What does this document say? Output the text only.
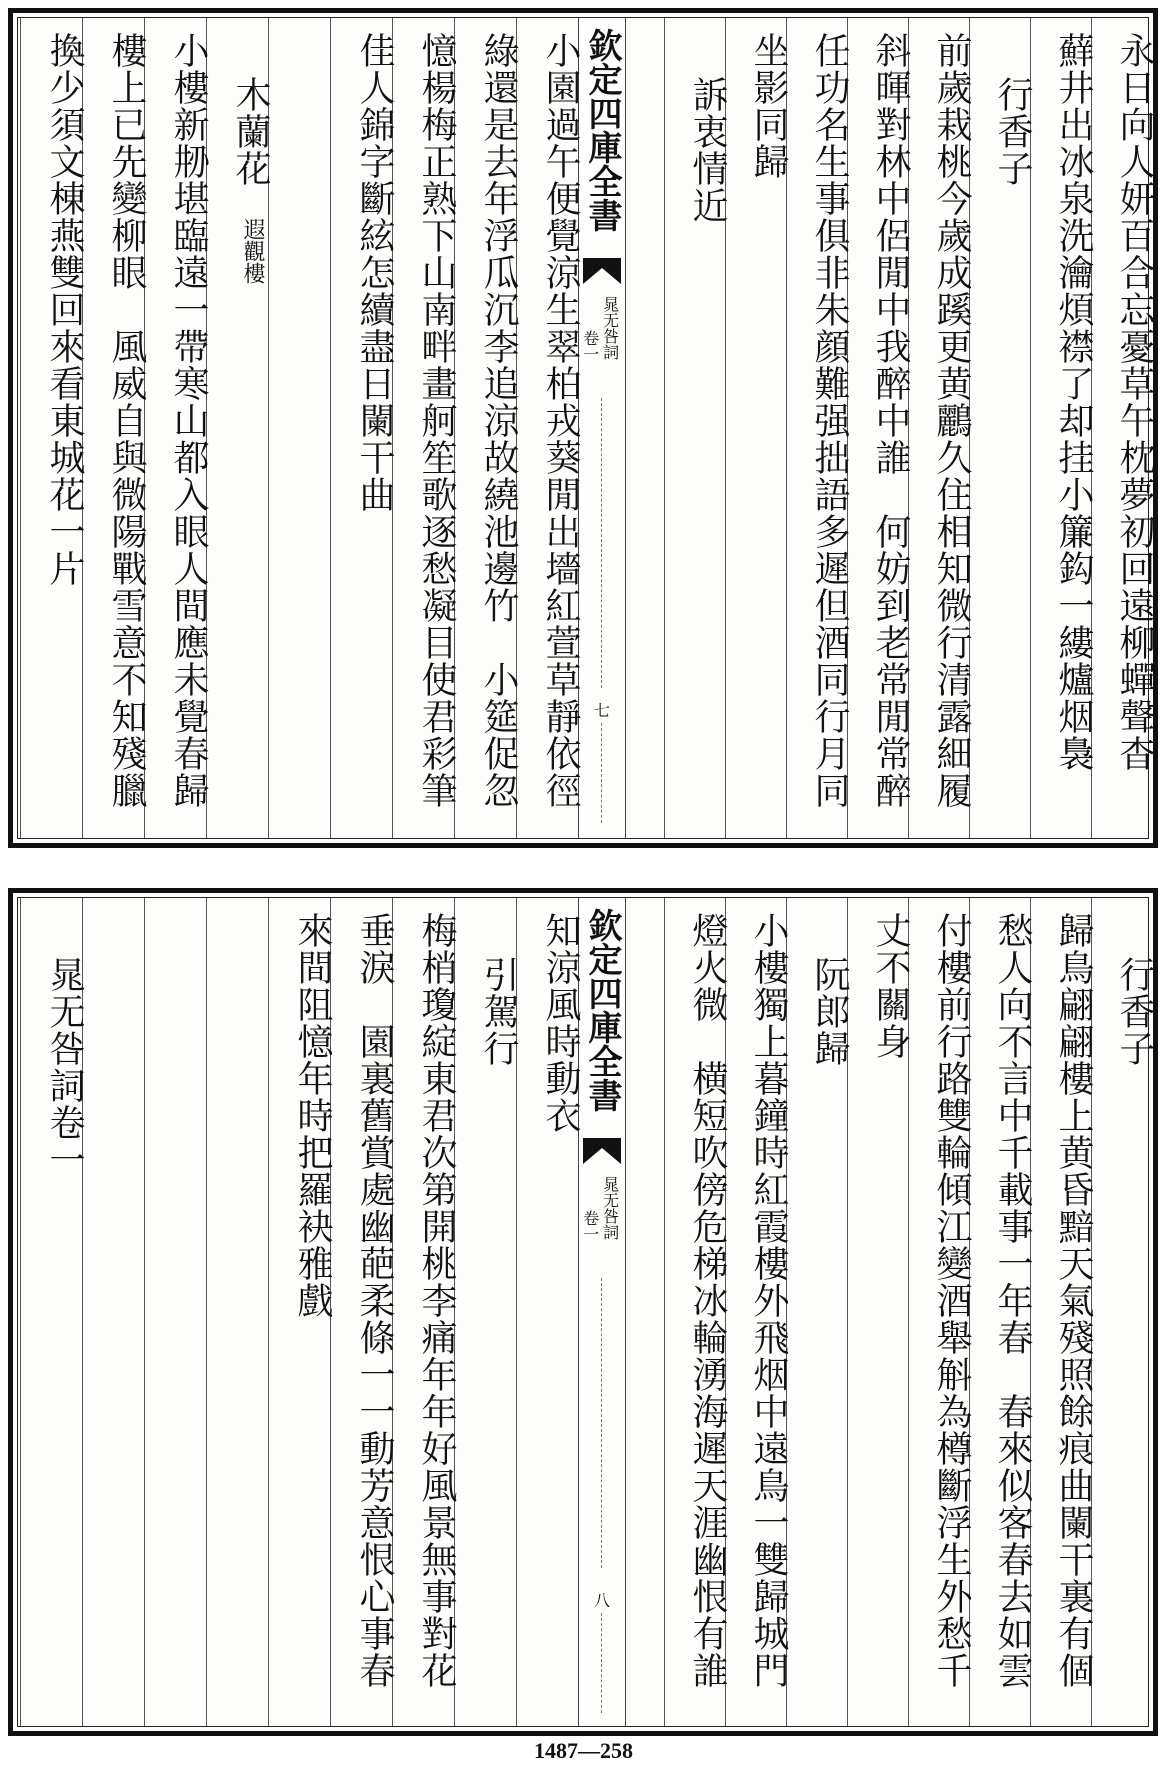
永日向人妍百合忘憂草午枕夢初回遠柳蟬聲杳
蘚井出冰泉洗瀹煩襟了却挂小簾鈎一縷爐烟裊
行香子
前歲栽桃今歲成蹊更黄鸝久住相知微行清露細履
斜暉對林中侶閒中我醉中誰　何妨到老常閒常醉
任功名生事俱非朱顔難强拙語多遲但酒同行月同
坐影同歸
訴衷情近
欽定四庫全書
晁无咎詞
卷一
七
小園過午便覺涼生翠柏戎葵閒出墻紅萱草靜依徑
綠還是去年浮瓜沉李追涼故繞池邊竹　小筵促忽
憶楊梅正熟下山南畔畫舸笙歌逐愁凝目使君彩筆
佳人錦字斷絃怎續盡日闌干曲
木蘭花
遐觀樓
小樓新刱堪臨遠一帶寒山都入眼人間應未覺春歸
樓上已先變柳眼　風威自與微陽戰雪意不知殘臘
換少須文棟燕雙回來看東城花一片
行香子
歸鳥翩翩樓上黄昏黯天氣殘照餘痕曲闌干裏有個
愁人向不言中千載事一年春　春來似客春去如雲
付樓前行路雙輪傾江變酒舉斛為樽斷浮生外愁千
丈不關身
阮郎歸
小樓獨上暮鐘時紅霞樓外飛烟中遠鳥一雙歸城門
燈火微　横短吹傍危梯冰輪湧海遲天涯幽恨有誰
欽定四庫全書
晁无咎詞
卷一
八
知涼風時動衣
引駕行
梅梢瓊綻東君次第開桃李痛年年好風景無事對花
垂淚　園裏舊賞處幽葩柔條一一動芳意恨心事春
來間阻憶年時把羅袂雅戲
晁无咎詞卷一
1487—258
